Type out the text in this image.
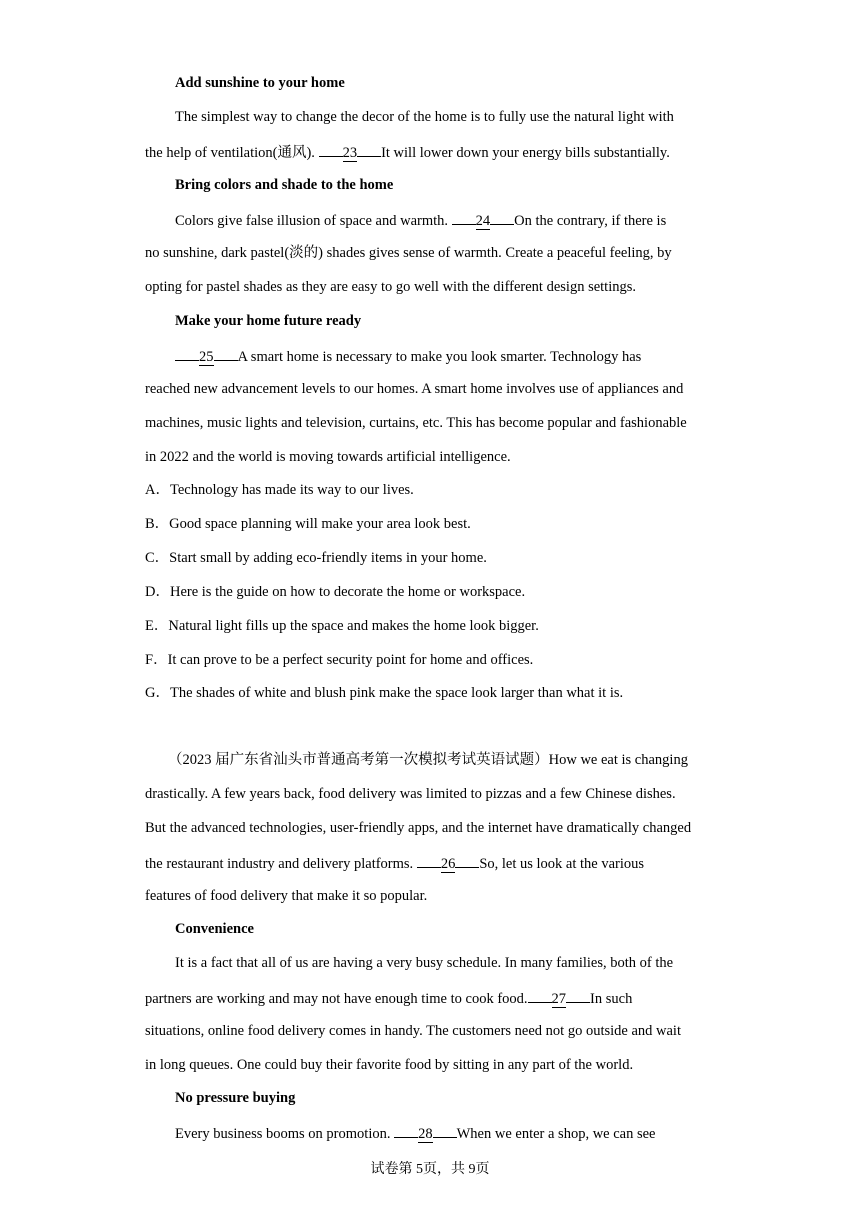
Add sunshine to your home
The simplest way to change the decor of the home is to fully use the natural light with
the help of ventilation(通风). 23 It will lower down your energy bills substantially.
Bring colors and shade to the home
Colors give false illusion of space and warmth. 24 On the contrary, if there is
no sunshine, dark pastel(淡的) shades gives sense of warmth. Create a peaceful feeling, by
opting for pastel shades as they are easy to go well with the different design settings.
Make your home future ready
25 A smart home is necessary to make you look smarter. Technology has
reached new advancement levels to our homes. A smart home involves use of appliances and
machines, music lights and television, curtains, etc. This has become popular and fashionable
in 2022 and the world is moving towards artificial intelligence.
A．Technology has made its way to our lives.
B．Good space planning will make your area look best.
C．Start small by adding eco-friendly items in your home.
D．Here is the guide on how to decorate the home or workspace.
E．Natural light fills up the space and makes the home look bigger.
F．It can prove to be a perfect security point for home and offices.
G．The shades of white and blush pink make the space look larger than what it is.
（2023 届广东省汕头市普通高考第一次模拟考试英语试题）How we eat is changing
drastically. A few years back, food delivery was limited to pizzas and a few Chinese dishes.
But the advanced technologies, user-friendly apps, and the internet have dramatically changed
the restaurant industry and delivery platforms. 26 So, let us look at the various
features of food delivery that make it so popular.
Convenience
It is a fact that all of us are having a very busy schedule. In many families, both of the
partners are working and may not have enough time to cook food. 27 In such
situations, online food delivery comes in handy. The customers need not go outside and wait
in long queues. One could buy their favorite food by sitting in any part of the world.
No pressure buying
Every business booms on promotion. 28 When we enter a shop, we can see
试卷第 5页，共 9页
